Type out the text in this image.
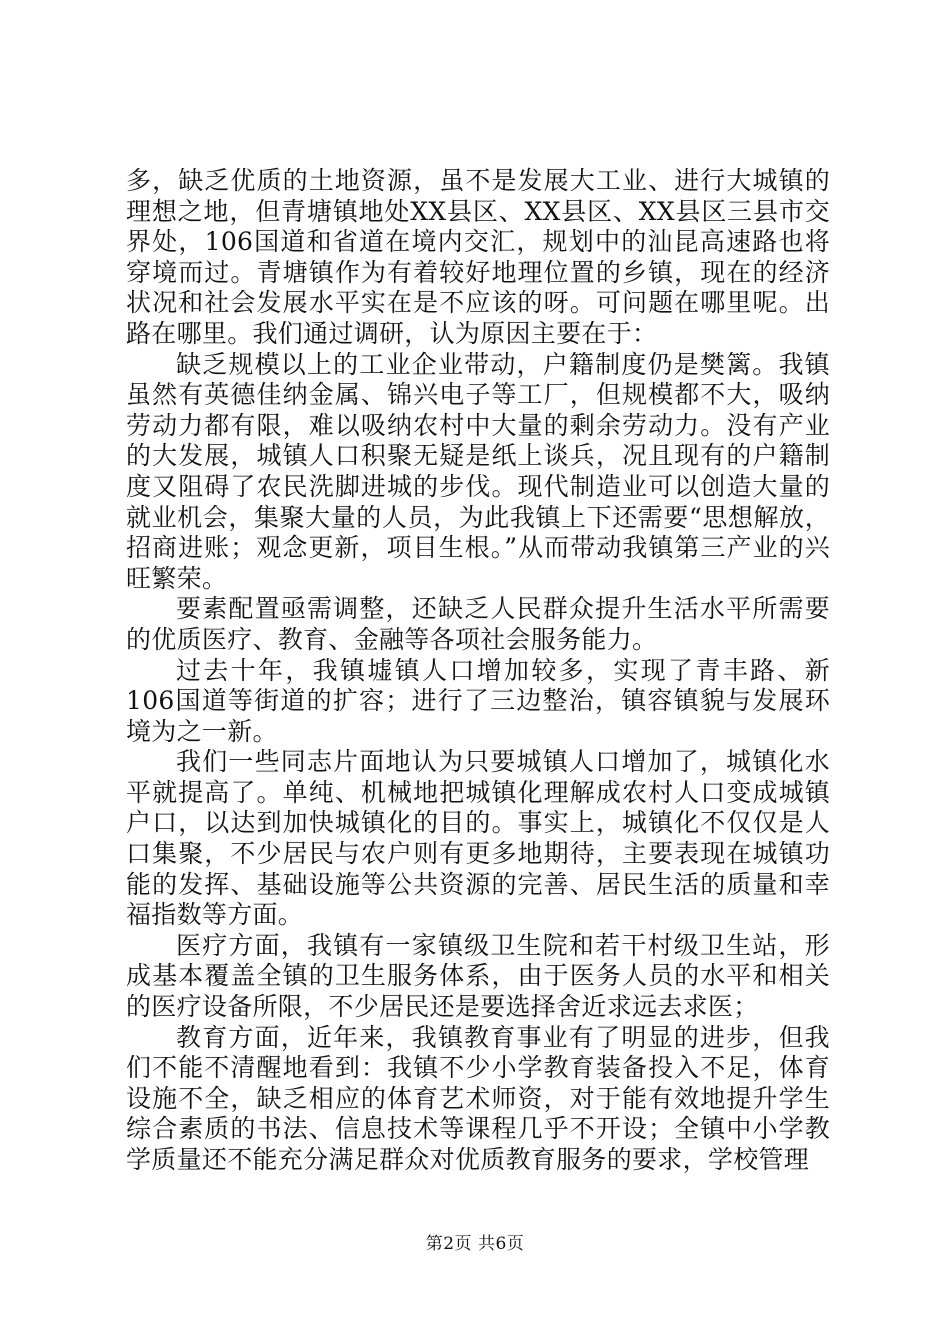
多，缺乏优质的土地资源，虽不是发展大工业、进行大城镇的理想之地，但青塘镇地处XX县区、XX县区、XX县区三县市交界处，106国道和省道在境内交汇，规划中的汕昆高速路也将穿境而过。青塘镇作为有着较好地理位置的乡镇，现在的经济状况和社会发展水平实在是不应该的呀。可问题在哪里呢。出路在哪里。我们通过调研，认为原因主要在于：

缺乏规模以上的工业企业带动，户籍制度仍是樊篱。我镇虽然有英德佳纳金属、锦兴电子等工厂，但规模都不大，吸纳劳动力都有限，难以吸纳农村中大量的剩余劳动力。没有产业的大发展，城镇人口积聚无疑是纸上谈兵，况且现有的户籍制度又阻碍了农民洗脚进城的步伐。现代制造业可以创造大量的就业机会，集聚大量的人员，为此我镇上下还需要“思想解放，招商进账；观念更新，项目生根。”从而带动我镇第三产业的兴旺繁荣。

要素配置亟需调整，还缺乏人民群众提升生活水平所需要的优质医疗、教育、金融等各项社会服务能力。

过去十年，我镇墟镇人口增加较多，实现了青丰路、新106国道等街道的扩容；进行了三边整治，镇容镇貌与发展环境为之一新。

我们一些同志片面地认为只要城镇人口增加了，城镇化水平就提高了。单纯、机械地把城镇化理解成农村人口变成城镇户口，以达到加快城镇化的目的。事实上，城镇化不仅仅是人口集聚，不少居民与农户则有更多地期待，主要表现在城镇功能的发挥、基础设施等公共资源的完善、居民生活的质量和幸福指数等方面。

医疗方面，我镇有一家镇级卫生院和若干村级卫生站，形成基本覆盖全镇的卫生服务体系，由于医务人员的水平和相关的医疗设备所限，不少居民还是要选择舍近求远去求医；

教育方面，近年来，我镇教育事业有了明显的进步，但我们不能不清醒地看到：我镇不少小学教育装备投入不足，体育设施不全，缺乏相应的体育艺术师资，对于能有效地提升学生综合素质的书法、信息技术等课程几乎不开设；全镇中小学教学质量还不能充分满足群众对优质教育服务的要求，学校管理

第2页 共6页
